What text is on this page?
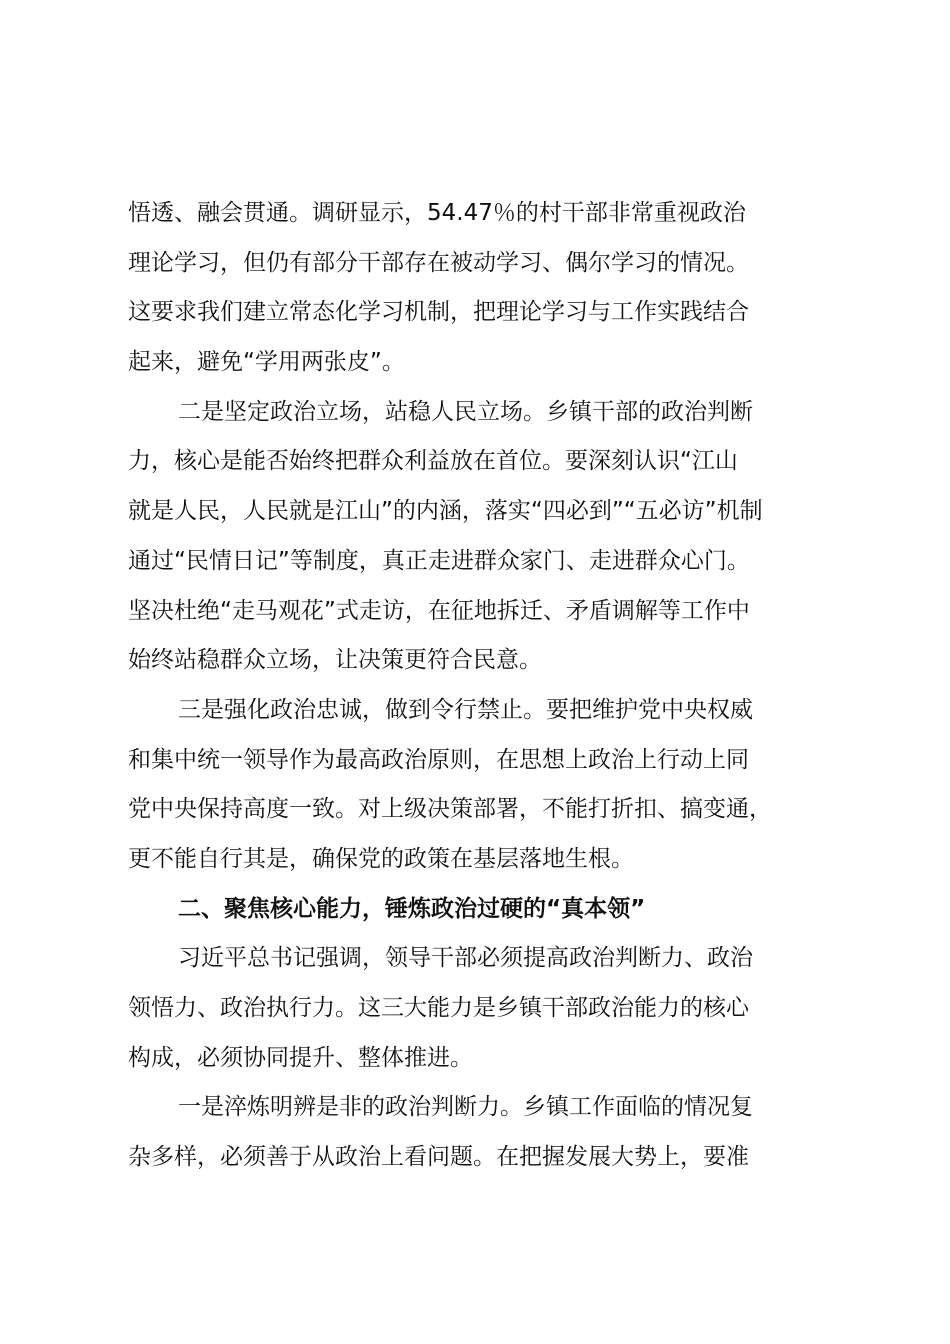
悟透、融会贯通。调研显示，54.47％的村干部非常重视政治
理论学习，但仍有部分干部存在被动学习、偶尔学习的情况。
这要求我们建立常态化学习机制，把理论学习与工作实践结合
起来，避免“学用两张皮”。
二是坚定政治立场，站稳人民立场。乡镇干部的政治判断
力，核心是能否始终把群众利益放在首位。要深刻认识“江山
就是人民，人民就是江山”的内涵，落实“四必到”“五必访”机制
通过“民情日记”等制度，真正走进群众家门、走进群众心门。
坚决杜绝“走马观花”式走访，在征地拆迁、矛盾调解等工作中
始终站稳群众立场，让决策更符合民意。
三是强化政治忠诚，做到令行禁止。要把维护党中央权威
和集中统一领导作为最高政治原则，在思想上政治上行动上同
党中央保持高度一致。对上级决策部署，不能打折扣、搞变通，
更不能自行其是，确保党的政策在基层落地生根。
二、聚焦核心能力，锤炼政治过硬的“真本领”
习近平总书记强调，领导干部必须提高政治判断力、政治
领悟力、政治执行力。这三大能力是乡镇干部政治能力的核心
构成，必须协同提升、整体推进。
一是淬炼明辨是非的政治判断力。乡镇工作面临的情况复
杂多样，必须善于从政治上看问题。在把握发展大势上，要准
